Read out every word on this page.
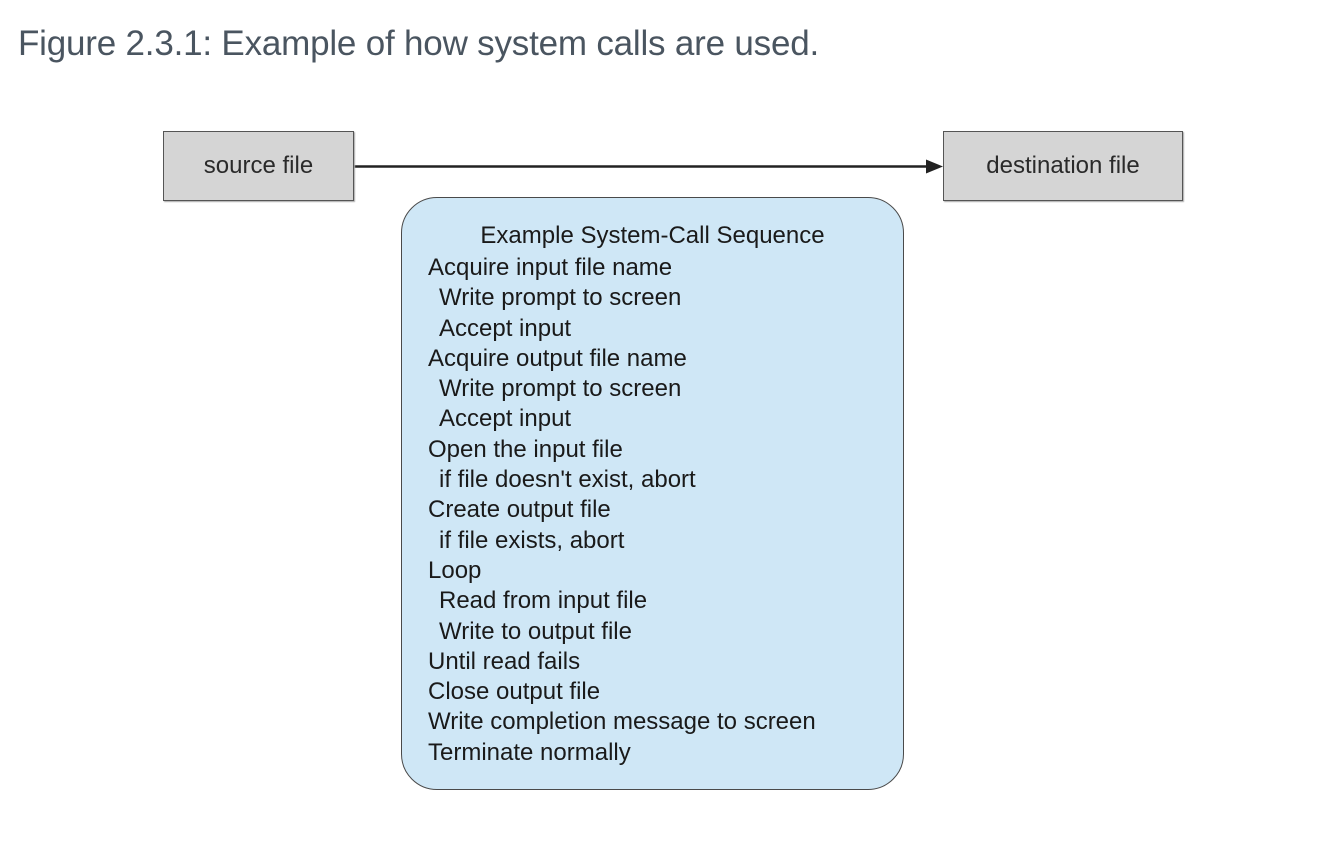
Figure 2.3.1: Example of how system calls are used.
source file	destination file
Example System-Call Sequence
Acquire input file name
Write prompt to screen
Accept input
Acquire output file name
Write prompt to screen
Accept input
Open the input file
if file doesn't exist, abort
Create output file
if file exists, abort
Loop
Read from input file
Write to output file
Until read fails
Close output file
Write completion message to screen
Terminate normally
